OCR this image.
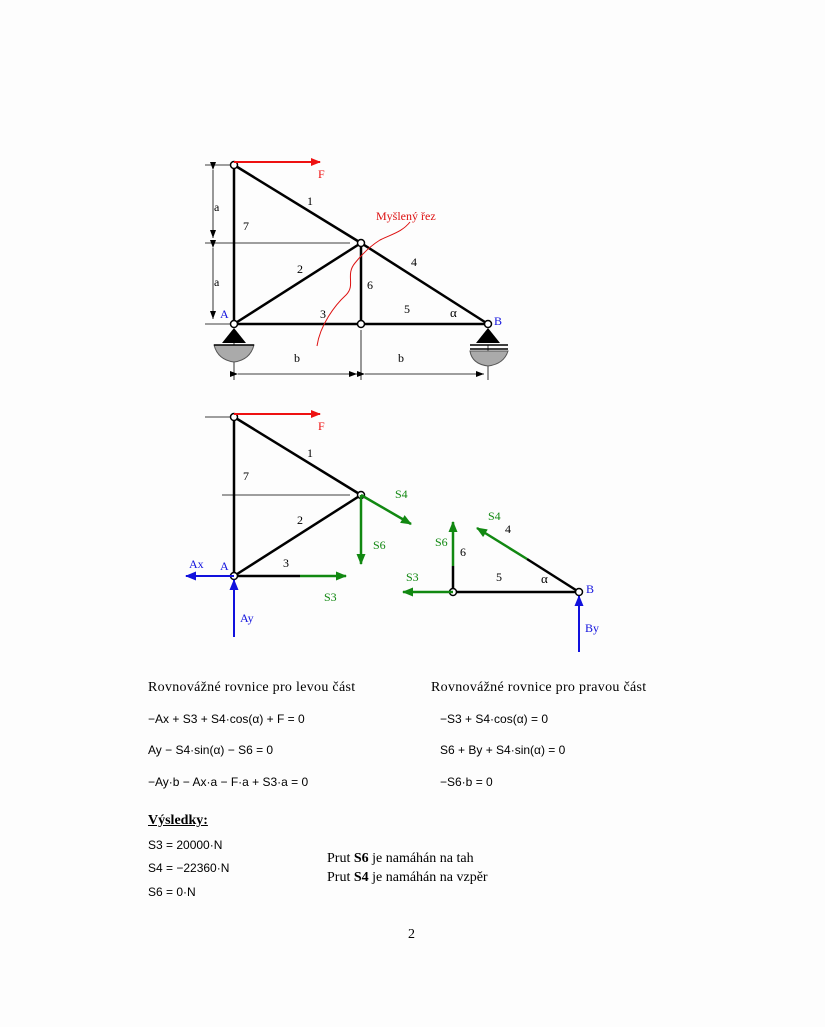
F
Myšlený řez
a
a
b	b
A	B
α
1
2
3
4
5
6
7
F
1
2
3
7
S4
S6
S3
Ax A
Ay
S4
S6
S3
4
6
5	α
B
By
Rovnovážné rovnice pro levou část	Rovnovážné rovnice pro pravou část
−Ax + S3 + S4·cos(α) + F = 0
Ay − S4·sin(α) − S6 = 0
−Ay·b − Ax·a − F·a + S3·a = 0
−S3 + S4·cos(α) = 0
S6 + By + S4·sin(α) = 0
−S6·b = 0
Výsledky:
S3 = 20000·N
S4 = −22360·N
S6 = 0·N
Prut S6 je namáhán na tah
Prut S4 je namáhán na vzpěr
2
